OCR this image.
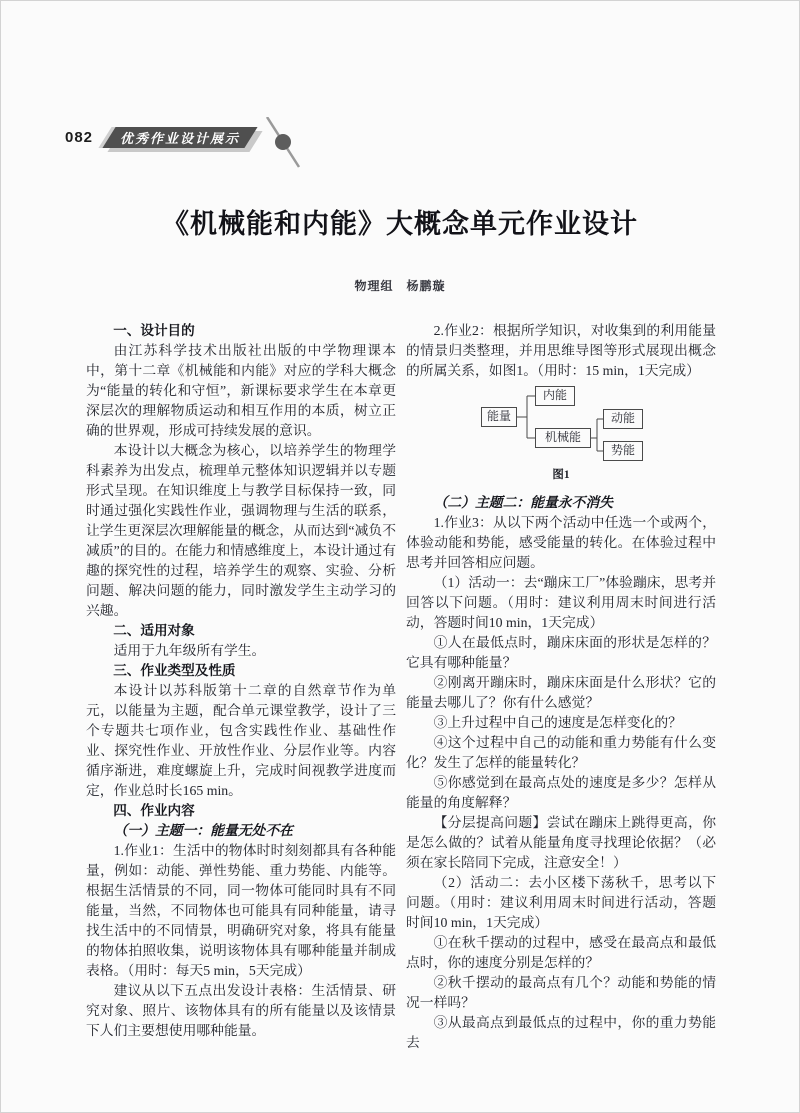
082 优秀作业设计展示
《机械能和内能》大概念单元作业设计
物理组　杨鹏璇
一、设计目的
由江苏科学技术出版社出版的中学物理课本中，第十二章《机械能和内能》对应的学科大概念为“能量的转化和守恒”，新课标要求学生在本章更深层次的理解物质运动和相互作用的本质，树立正确的世界观，形成可持续发展的意识。
本设计以大概念为核心，以培养学生的物理学科素养为出发点，梳理单元整体知识逻辑并以专题形式呈现。在知识维度上与教学目标保持一致，同时通过强化实践性作业，强调物理与生活的联系，让学生更深层次理解能量的概念，从而达到“减负不减质”的目的。在能力和情感维度上，本设计通过有趣的探究性的过程，培养学生的观察、实验、分析问题、解决问题的能力，同时激发学生主动学习的兴趣。
二、适用对象
适用于九年级所有学生。
三、作业类型及性质
本设计以苏科版第十二章的自然章节作为单元，以能量为主题，配合单元课堂教学，设计了三个专题共七项作业，包含实践性作业、基础性作业、探究性作业、开放性作业、分层作业等。内容循序渐进，难度螺旋上升，完成时间视教学进度而定，作业总时长165 min。
四、作业内容
（一）主题一：能量无处不在
1.作业1：生活中的物体时时刻刻都具有各种能量，例如：动能、弹性势能、重力势能、内能等。根据生活情景的不同，同一物体可能同时具有不同能量，当然，不同物体也可能具有同种能量，请寻找生活中的不同情景，明确研究对象，将具有能量的物体拍照收集，说明该物体具有哪种能量并制成表格。（用时：每天5 min，5天完成）
建议从以下五点出发设计表格：生活情景、研究对象、照片、该物体具有的所有能量以及该情景下人们主要想使用哪种能量。
2.作业2：根据所学知识，对收集到的利用能量的情景归类整理，并用思维导图等形式展现出概念的所属关系，如图1。（用时：15 min，1天完成）
能量
内能
机械能
动能
势能
图1
（二）主题二：能量永不消失
1.作业3：从以下两个活动中任选一个或两个，体验动能和势能，感受能量的转化。在体验过程中思考并回答相应问题。
（1）活动一：去“蹦床工厂”体验蹦床，思考并回答以下问题。（用时：建议利用周末时间进行活动，答题时间10 min，1天完成）
①人在最低点时，蹦床床面的形状是怎样的？它具有哪种能量？
②刚离开蹦床时，蹦床床面是什么形状？它的能量去哪儿了？你有什么感觉？
③上升过程中自己的速度是怎样变化的？
④这个过程中自己的动能和重力势能有什么变化？发生了怎样的能量转化？
⑤你感觉到在最高点处的速度是多少？怎样从能量的角度解释？
【分层提高问题】尝试在蹦床上跳得更高，你是怎么做的？试着从能量角度寻找理论依据？（必须在家长陪同下完成，注意安全！）
（2）活动二：去小区楼下荡秋千，思考以下问题。（用时：建议利用周末时间进行活动，答题时间10 min，1天完成）
①在秋千摆动的过程中，感受在最高点和最低点时，你的速度分别是怎样的？
②秋千摆动的最高点有几个？动能和势能的情况一样吗？
③从最高点到最低点的过程中，你的重力势能去
